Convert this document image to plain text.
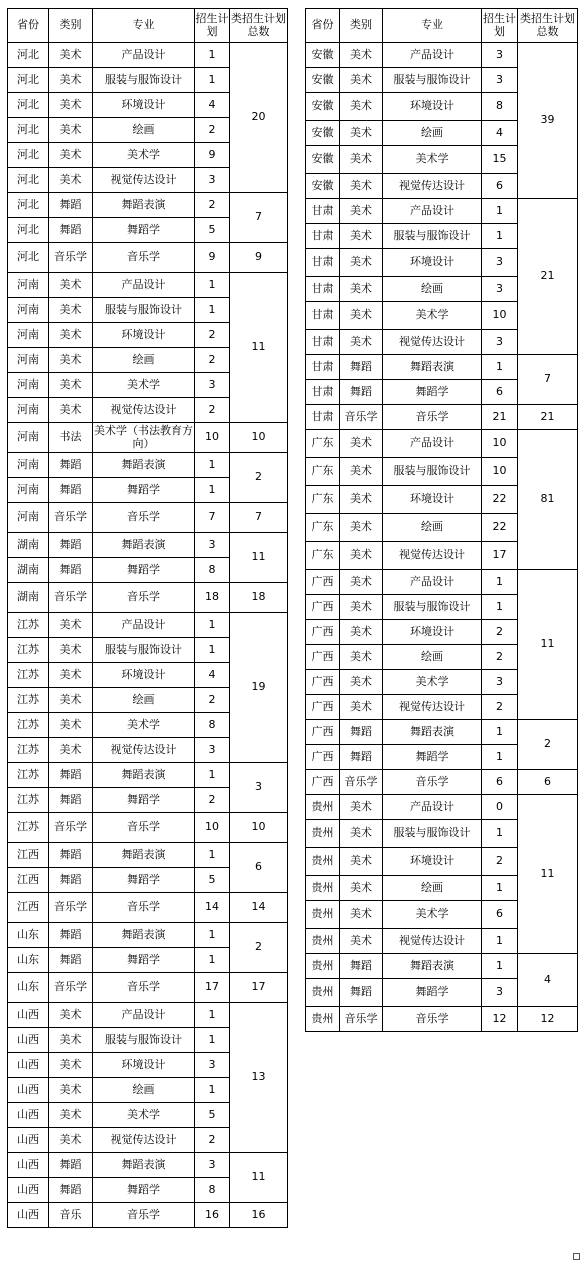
省份	类别	专业	招生计划	类招生计划总数
河北	美术	产品设计	1	20
河北	美术	服装与服饰设计	1	
河北	美术	环境设计	4	
河北	美术	绘画	2	
河北	美术	美术学	9	
河北	美术	视觉传达设计	3	
河北	舞蹈	舞蹈表演	2	7
河北	舞蹈	舞蹈学	5	
河北	音乐学	音乐学	9	9
河南	美术	产品设计	1	11
河南	美术	服装与服饰设计	1	
河南	美术	环境设计	2	
河南	美术	绘画	2	
河南	美术	美术学	3	
河南	美术	视觉传达设计	2	
河南	书法	美术学（书法教育方向）	10	10
河南	舞蹈	舞蹈表演	1	2
河南	舞蹈	舞蹈学	1	
河南	音乐学	音乐学	7	7
湖南	舞蹈	舞蹈表演	3	11
湖南	舞蹈	舞蹈学	8	
湖南	音乐学	音乐学	18	18
江苏	美术	产品设计	1	19
江苏	美术	服装与服饰设计	1	
江苏	美术	环境设计	4	
江苏	美术	绘画	2	
江苏	美术	美术学	8	
江苏	美术	视觉传达设计	3	
江苏	舞蹈	舞蹈表演	1	3
江苏	舞蹈	舞蹈学	2	
江苏	音乐学	音乐学	10	10
江西	舞蹈	舞蹈表演	1	6
江西	舞蹈	舞蹈学	5	
江西	音乐学	音乐学	14	14
山东	舞蹈	舞蹈表演	1	2
山东	舞蹈	舞蹈学	1	
山东	音乐学	音乐学	17	17
山西	美术	产品设计	1	13
山西	美术	服装与服饰设计	1	
山西	美术	环境设计	3	
山西	美术	绘画	1	
山西	美术	美术学	5	
山西	美术	视觉传达设计	2	
山西	舞蹈	舞蹈表演	3	11
山西	舞蹈	舞蹈学	8	
山西	音乐	音乐学	16	16
省份	类别	专业	招生计划	类招生计划总数
安徽	美术	产品设计	3	39
安徽	美术	服装与服饰设计	3	
安徽	美术	环境设计	8	
安徽	美术	绘画	4	
安徽	美术	美术学	15	
安徽	美术	视觉传达设计	6	
甘肃	美术	产品设计	1	21
甘肃	美术	服装与服饰设计	1	
甘肃	美术	环境设计	3	
甘肃	美术	绘画	3	
甘肃	美术	美术学	10	
甘肃	美术	视觉传达设计	3	
甘肃	舞蹈	舞蹈表演	1	7
甘肃	舞蹈	舞蹈学	6	
甘肃	音乐学	音乐学	21	21
广东	美术	产品设计	10	81
广东	美术	服装与服饰设计	10	
广东	美术	环境设计	22	
广东	美术	绘画	22	
广东	美术	视觉传达设计	17	
广西	美术	产品设计	1	11
广西	美术	服装与服饰设计	1	
广西	美术	环境设计	2	
广西	美术	绘画	2	
广西	美术	美术学	3	
广西	美术	视觉传达设计	2	
广西	舞蹈	舞蹈表演	1	2
广西	舞蹈	舞蹈学	1	
广西	音乐学	音乐学	6	6
贵州	美术	产品设计	0	11
贵州	美术	服装与服饰设计	1	
贵州	美术	环境设计	2	
贵州	美术	绘画	1	
贵州	美术	美术学	6	
贵州	美术	视觉传达设计	1	
贵州	舞蹈	舞蹈表演	1	4
贵州	舞蹈	舞蹈学	3	
贵州	音乐学	音乐学	12	12
